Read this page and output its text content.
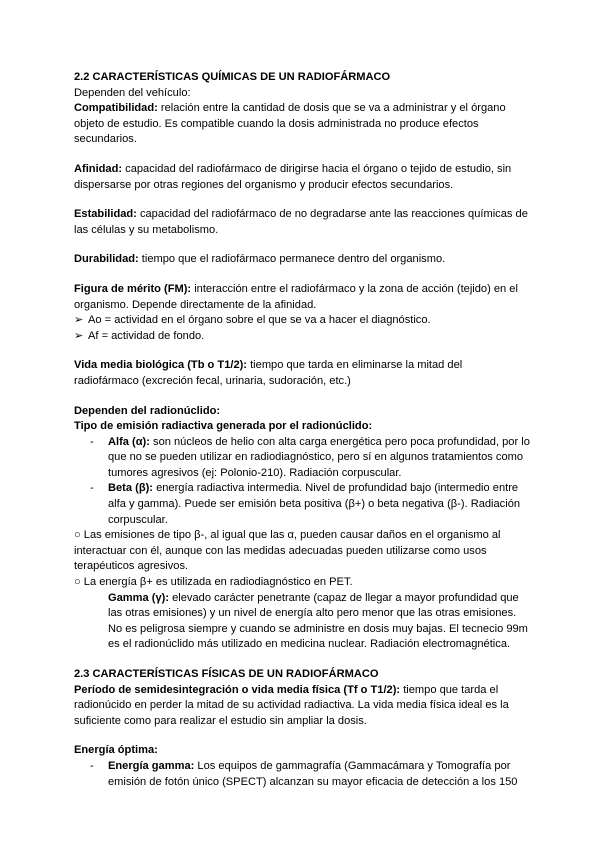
2.2 CARACTERÍSTICAS QUÍMICAS DE UN RADIOFÁRMACO

Dependen del vehículo:

Compatibilidad: relación entre la cantidad de dosis que se va a administrar y el órgano objeto de estudio. Es compatible cuando la dosis administrada no produce efectos secundarios.

Afinidad: capacidad del radiofármaco de dirigirse hacia el órgano o tejido de estudio, sin dispersarse por otras regiones del organismo y producir efectos secundarios.

Estabilidad: capacidad del radiofármaco de no degradarse ante las reacciones químicas de las células y su metabolismo.

Durabilidad: tiempo que el radiofármaco permanece dentro del organismo.

Figura de mérito (FM): interacción entre el radiofármaco y la zona de acción (tejido) en el organismo. Depende directamente de la afinidad.

➢ Ao = actividad en el órgano sobre el que se va a hacer el diagnóstico.

➢ Af = actividad de fondo.

Vida media biológica (Tb o T1/2): tiempo que tarda en eliminarse la mitad del radiofármaco (excreción fecal, urinaria, sudoración, etc.)

Dependen del radionúclido:

Tipo de emisión radiactiva generada por el radionúclido:

- Alfa (α): son núcleos de helio con alta carga energética pero poca profundidad, por lo que no se pueden utilizar en radiodiagnóstico, pero sí en algunos tratamientos como tumores agresivos (ej: Polonio-210). Radiación corpuscular.

- Beta (β): energía radiactiva intermedia. Nivel de profundidad bajo (intermedio entre alfa y gamma). Puede ser emisión beta positiva (β+) o beta negativa (β-). Radiación corpuscular.

○ Las emisiones de tipo β-, al igual que las α, pueden causar daños en el organismo al interactuar con él, aunque con las medidas adecuadas pueden utilizarse como usos terapéuticos agresivos.

○ La energía β+ es utilizada en radiodiagnóstico en PET.

Gamma (γ): elevado carácter penetrante (capaz de llegar a mayor profundidad que las otras emisiones) y un nivel de energía alto pero menor que las otras emisiones. No es peligrosa siempre y cuando se administre en dosis muy bajas. El tecnecio 99m es el radionúclido más utilizado en medicina nuclear. Radiación electromagnética.

2.3 CARACTERÍSTICAS FÍSICAS DE UN RADIOFÁRMACO

Período de semidesintegración o vida media física (Tf o T1/2): tiempo que tarda el radionúcido en perder la mitad de su actividad radiactiva. La vida media física ideal es la suficiente como para realizar el estudio sin ampliar la dosis.

Energía óptima:

- Energía gamma: Los equipos de gammagrafía (Gammacámara y Tomografía por emisión de fotón único (SPECT) alcanzan su mayor eficacia de detección a los 150
